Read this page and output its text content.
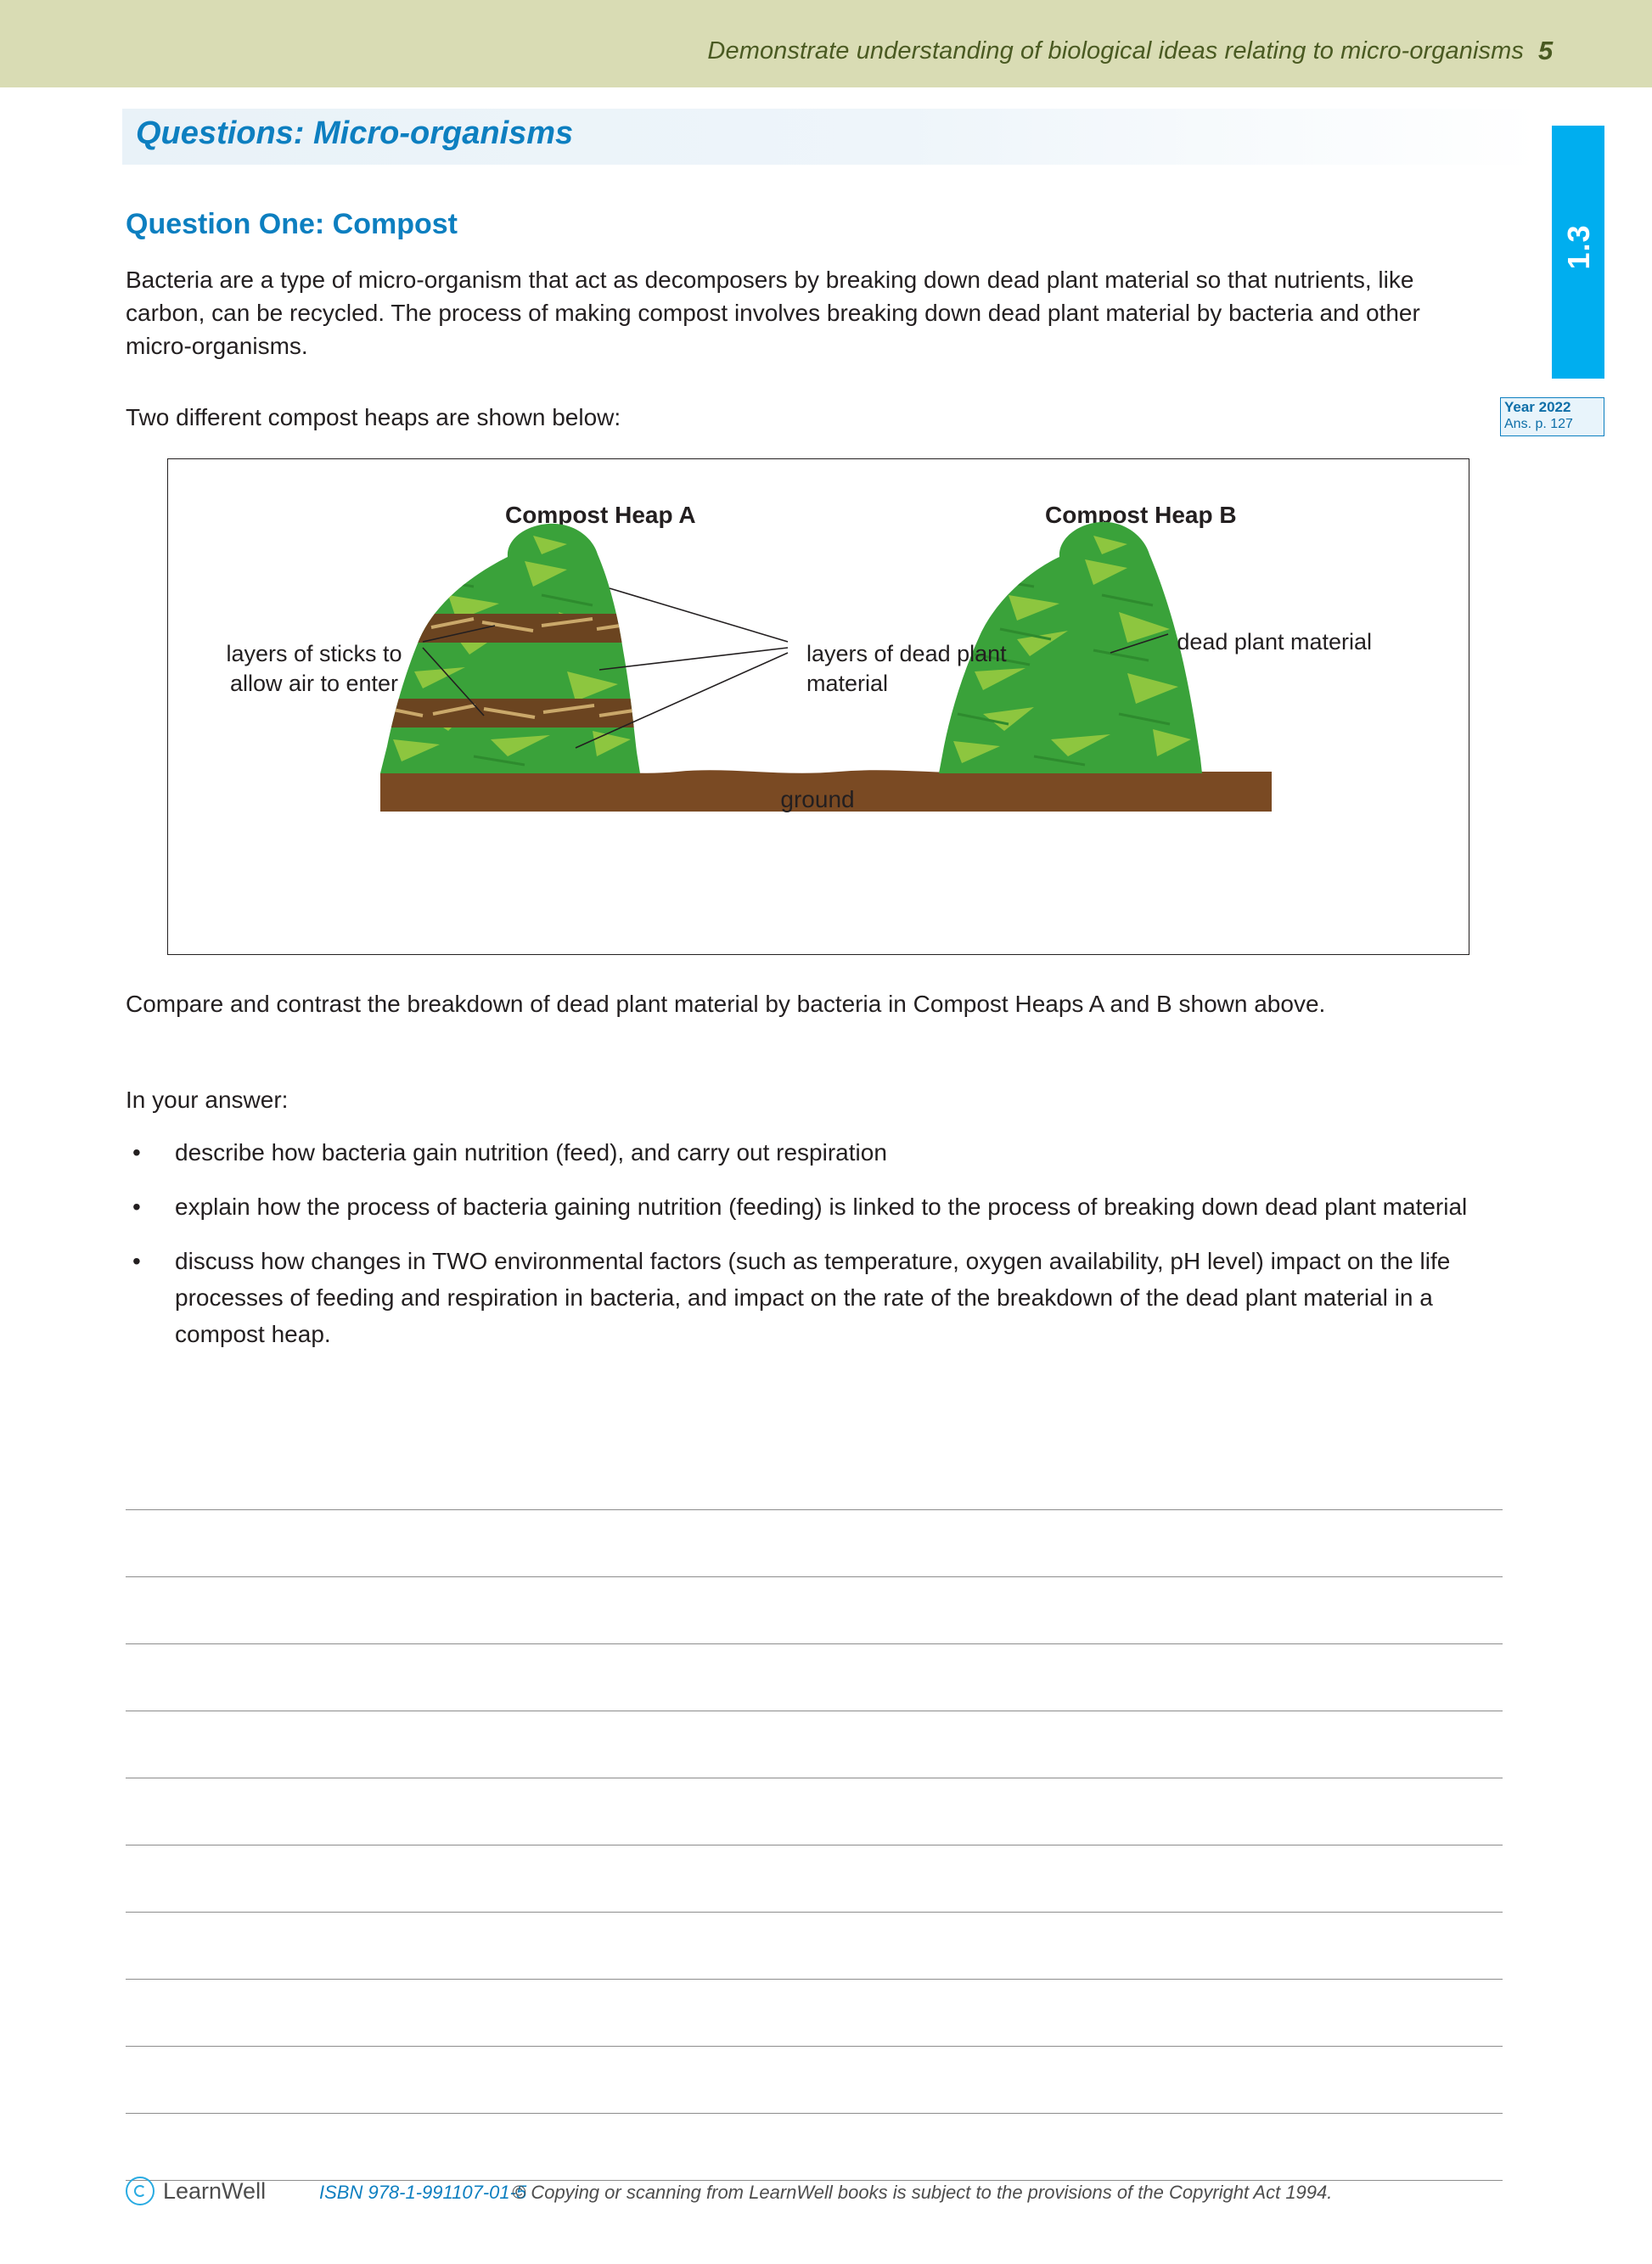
Demonstrate understanding of biological ideas relating to micro-organisms 5
Questions: Micro-organisms
1.3
Year 2022
Ans. p. 127
Question One: Compost
Bacteria are a type of micro-organism that act as decomposers by breaking down dead plant material so that nutrients, like carbon, can be recycled. The process of making compost involves breaking down dead plant material by bacteria and other micro-organisms.
Two different compost heaps are shown below:
Compost Heap A	Compost Heap B
layers of sticks to allow air to enter
layers of dead plant material
dead plant material
ground
Compare and contrast the breakdown of dead plant material by bacteria in Compost Heaps A and B shown above.
In your answer:
• describe how bacteria gain nutrition (feed), and carry out respiration
• explain how the process of bacteria gaining nutrition (feeding) is linked to the process of breaking down dead plant material
• discuss how changes in TWO environmental factors (such as temperature, oxygen availability, pH level) impact on the life processes of feeding and respiration in bacteria, and impact on the rate of the breakdown of the dead plant material in a compost heap.
LearnWell	ISBN 978-1-991107-01-5
© Copying or scanning from LearnWell books is subject to the provisions of the Copyright Act 1994.
